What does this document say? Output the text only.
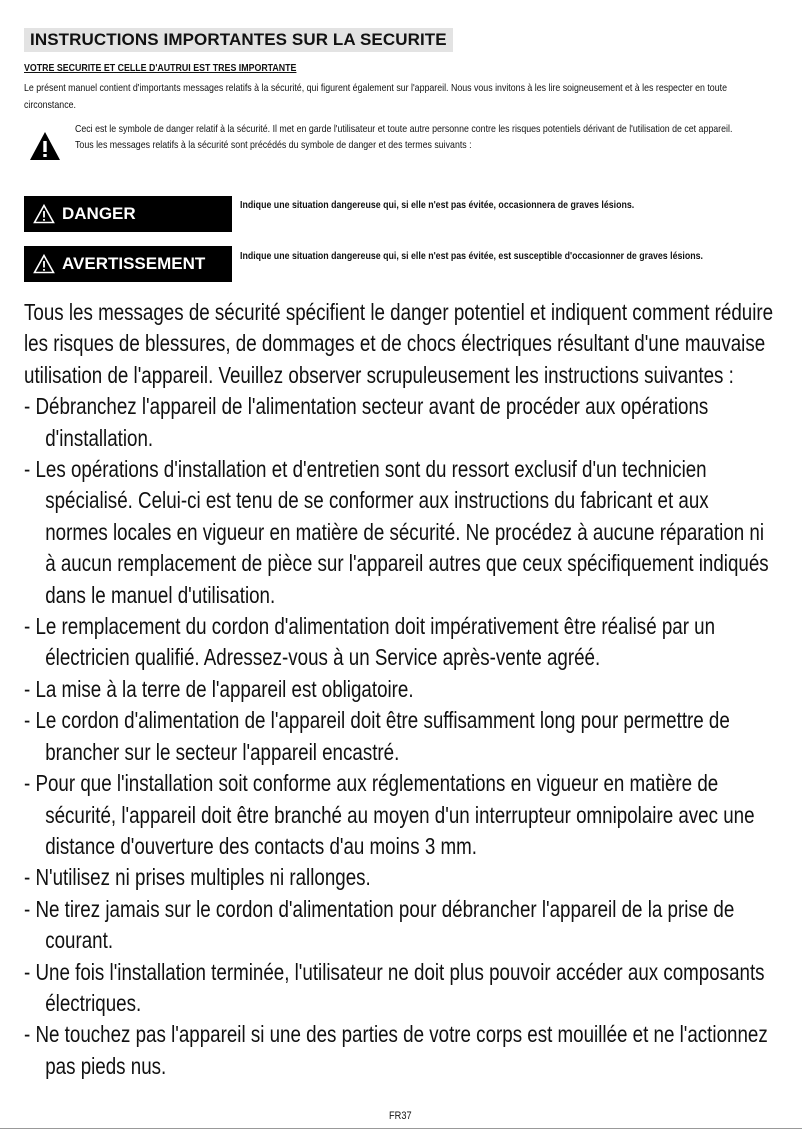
INSTRUCTIONS IMPORTANTES SUR LA SECURITE
VOTRE SECURITE ET CELLE D'AUTRUI EST TRES IMPORTANTE
Le présent manuel contient d'importants messages relatifs à la sécurité, qui figurent également sur l'appareil. Nous vous invitons à les lire soigneusement et à les respecter en toute circonstance.
Ceci est le symbole de danger relatif à la sécurité. Il met en garde l'utilisateur et toute autre personne contre les risques potentiels dérivant de l'utilisation de cet appareil.
Tous les messages relatifs à la sécurité sont précédés du symbole de danger et des termes suivants :
DANGER	Indique une situation dangereuse qui, si elle n'est pas évitée, occasionnera de graves lésions.
AVERTISSEMENT	Indique une situation dangereuse qui, si elle n'est pas évitée, est susceptible d'occasionner de graves lésions.

Tous les messages de sécurité spécifient le danger potentiel et indiquent comment réduire les risques de blessures, de dommages et de chocs électriques résultant d'une mauvaise utilisation de l'appareil. Veuillez observer scrupuleusement les instructions suivantes :

- Débranchez l'appareil de l'alimentation secteur avant de procéder aux opérations d'installation.
- Les opérations d'installation et d'entretien sont du ressort exclusif d'un technicien spécialisé. Celui-ci est tenu de se conformer aux instructions du fabricant et aux normes locales en vigueur en matière de sécurité. Ne procédez à aucune réparation ni à aucun remplacement de pièce sur l'appareil autres que ceux spécifiquement indiqués dans le manuel d'utilisation.
- Le remplacement du cordon d'alimentation doit impérativement être réalisé par un électricien qualifié. Adressez-vous à un Service après-vente agréé.
- La mise à la terre de l'appareil est obligatoire.
- Le cordon d'alimentation de l'appareil doit être suffisamment long pour permettre de brancher sur le secteur l'appareil encastré.
- Pour que l'installation soit conforme aux réglementations en vigueur en matière de sécurité, l'appareil doit être branché au moyen d'un interrupteur omnipolaire avec une distance d'ouverture des contacts d'au moins 3 mm.
- N'utilisez ni prises multiples ni rallonges.
- Ne tirez jamais sur le cordon d'alimentation pour débrancher l'appareil de la prise de courant.
- Une fois l'installation terminée, l'utilisateur ne doit plus pouvoir accéder aux composants électriques.
- Ne touchez pas l'appareil si une des parties de votre corps est mouillée et ne l'actionnez pas pieds nus.
FR37
